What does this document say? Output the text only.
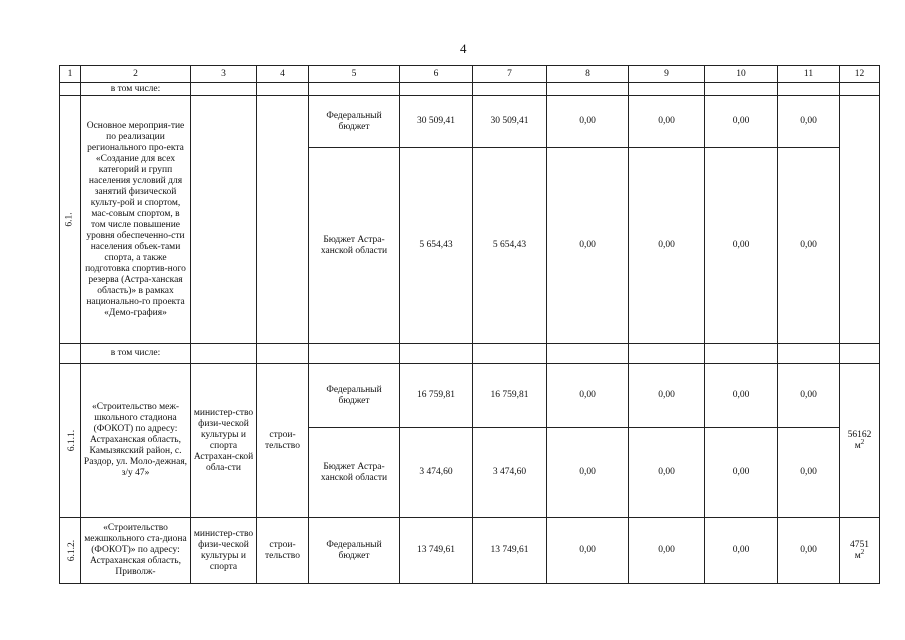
4
1	2	3	4	5	6	7	8	9	10	11	12
	в том числе:										
6.1.	Основное мероприя-тие по реализации регионального про-екта «Создание для всех категорий и групп населения условий для занятий физической культу-рой и спортом, мас-совым спортом, в том числе повышение уровня обеспеченно-сти населения объек-тами спорта, а также подготовка спортив-ного резерва (Астра-ханская область)» в рамках национально-го проекта «Демо-графия»			Федеральный бюджет	30 509,41	30 509,41	0,00	0,00	0,00	0,00	
				Бюджет Астра-ханской области	5 654,43	5 654,43	0,00	0,00	0,00	0,00	
	в том числе:										
6.1.1.	«Строительство меж-школьного стадиона (ФОКОТ) по адресу: Астраханская область, Камызякский район, с. Раздор, ул. Моло-дежная, з/у 47»	министер-ство физи-ческой культуры и спорта Астрахан-ской обла-сти	строи-тельство	Федеральный бюджет	16 759,81	16 759,81	0,00	0,00	0,00	0,00	56162
$м^2$
				Бюджет Астра-ханской области	3 474,60	3 474,60	0,00	0,00	0,00	0,00	
6.1.2.	«Строительство межшкольного ста-диона (ФОКОТ)» по адресу: Астраханская область, Приволж-	министер-ство физи-ческой культуры и спорта	строи-тельство	Федеральный бюджет	13 749,61	13 749,61	0,00	0,00	0,00	0,00	4751
$м^2$
